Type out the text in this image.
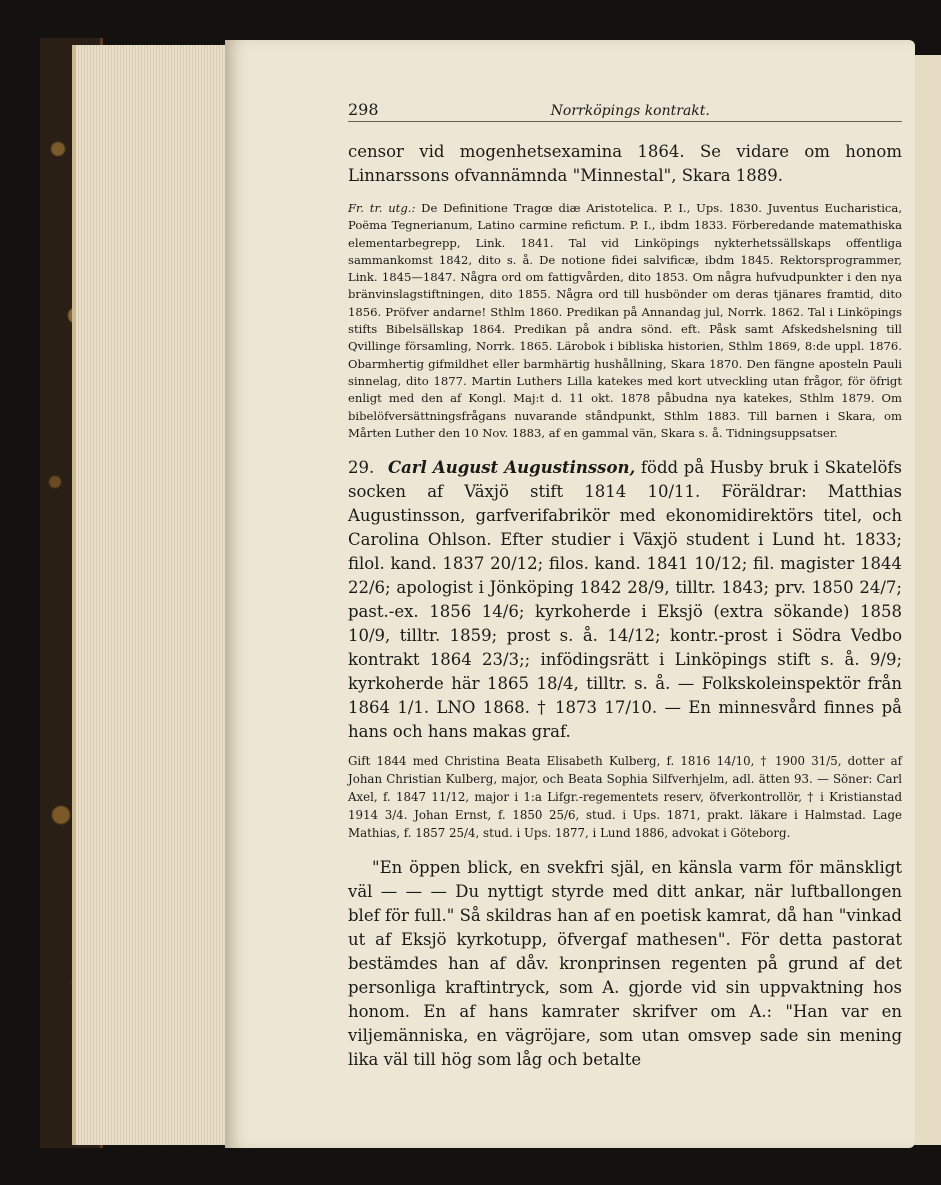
298	Norrköpings kontrakt.

censor vid mogenhetsexamina 1864. Se vidare om honom Linnarssons ofvannämnda "Minnestal", Skara 1889.

Fr. tr. utg.: De Definitione Tragœ diæ Aristotelica. P. I., Ups. 1830. Juventus Eucharistica, Poëma Tegnerianum, Latino carmine refictum. P. I., ibdm 1833. Förberedande matemathiska elementarbegrepp, Link. 1841. Tal vid Linköpings nykterhetssällskaps offentliga sammankomst 1842, dito s. å. De notione fidei salvificæ, ibdm 1845. Rektorsprogrammer, Link. 1845—1847. Några ord om fattigvården, dito 1853. Om några hufvudpunkter i den nya bränvinslagstiftningen, dito 1855. Några ord till husbönder om deras tjänares framtid, dito 1856. Pröfver andarne! Sthlm 1860. Predikan på Annandag jul, Norrk. 1862. Tal i Linköpings stifts Bibelsällskap 1864. Predikan på andra sönd. eft. Påsk samt Afskedshelsning till Qvillinge församling, Norrk. 1865. Lärobok i bibliska historien, Sthlm 1869, 8:de uppl. 1876. Obarmhertig gifmildhet eller barmhärtig hushållning, Skara 1870. Den fängne aposteln Pauli sinnelag, dito 1877. Martin Luthers Lilla katekes med kort utveckling utan frågor, för öfrigt enligt med den af Kongl. Maj:t d. 11 okt. 1878 påbudna nya katekes, Sthlm 1879. Om bibelöfversättningsfrågans nuvarande ståndpunkt, Sthlm 1883. Till barnen i Skara, om Mårten Luther den 10 Nov. 1883, af en gammal vän, Skara s. å. Tidningsuppsatser.

29. Carl August Augustinsson, född på Husby bruk i Skatelöfs socken af Växjö stift 1814 10/11. Föräldrar: Matthias Augustinsson, garfverifabrikör med ekonomidirektörs titel, och Carolina Ohlson. Efter studier i Växjö student i Lund ht. 1833; filol. kand. 1837 20/12; filos. kand. 1841 10/12; fil. magister 1844 22/6; apologist i Jönköping 1842 28/9, tilltr. 1843; prv. 1850 24/7; past.-ex. 1856 14/6; kyrkoherde i Eksjö (extra sökande) 1858 10/9, tilltr. 1859; prost s. å. 14/12; kontr.-prost i Södra Vedbo kontrakt 1864 23/3;; infödingsrätt i Linköpings stift s. å. 9/9; kyrkoherde här 1865 18/4, tilltr. s. å. — Folkskoleinspektör från 1864 1/1. LNO 1868. † 1873 17/10. — En minnesvård finnes på hans och hans makas graf.

Gift 1844 med Christina Beata Elisabeth Kulberg, f. 1816 14/10, † 1900 31/5, dotter af Johan Christian Kulberg, major, och Beata Sophia Silfverhjelm, adl. ätten 93. — Söner: Carl Axel, f. 1847 11/12, major i 1:a Lifgr.-regementets reserv, öfverkontrollör, † i Kristianstad 1914 3/4. Johan Ernst, f. 1850 25/6, stud. i Ups. 1871, prakt. läkare i Halmstad. Lage Mathias, f. 1857 25/4, stud. i Ups. 1877, i Lund 1886, advokat i Göteborg.

"En öppen blick, en svekfri själ, en känsla varm för mänskligt väl — — — Du nyttigt styrde med ditt ankar, när luftballongen blef för full." Så skildras han af en poetisk kamrat, då han "vinkad ut af Eksjö kyrkotupp, öfvergaf mathesen". För detta pastorat bestämdes han af dåv. kronprinsen regenten på grund af det personliga kraftintryck, som A. gjorde vid sin uppvaktning hos honom. En af hans kamrater skrifver om A.: "Han var en viljemänniska, en vägröjare, som utan omsvep sade sin mening lika väl till hög som låg och betalte
